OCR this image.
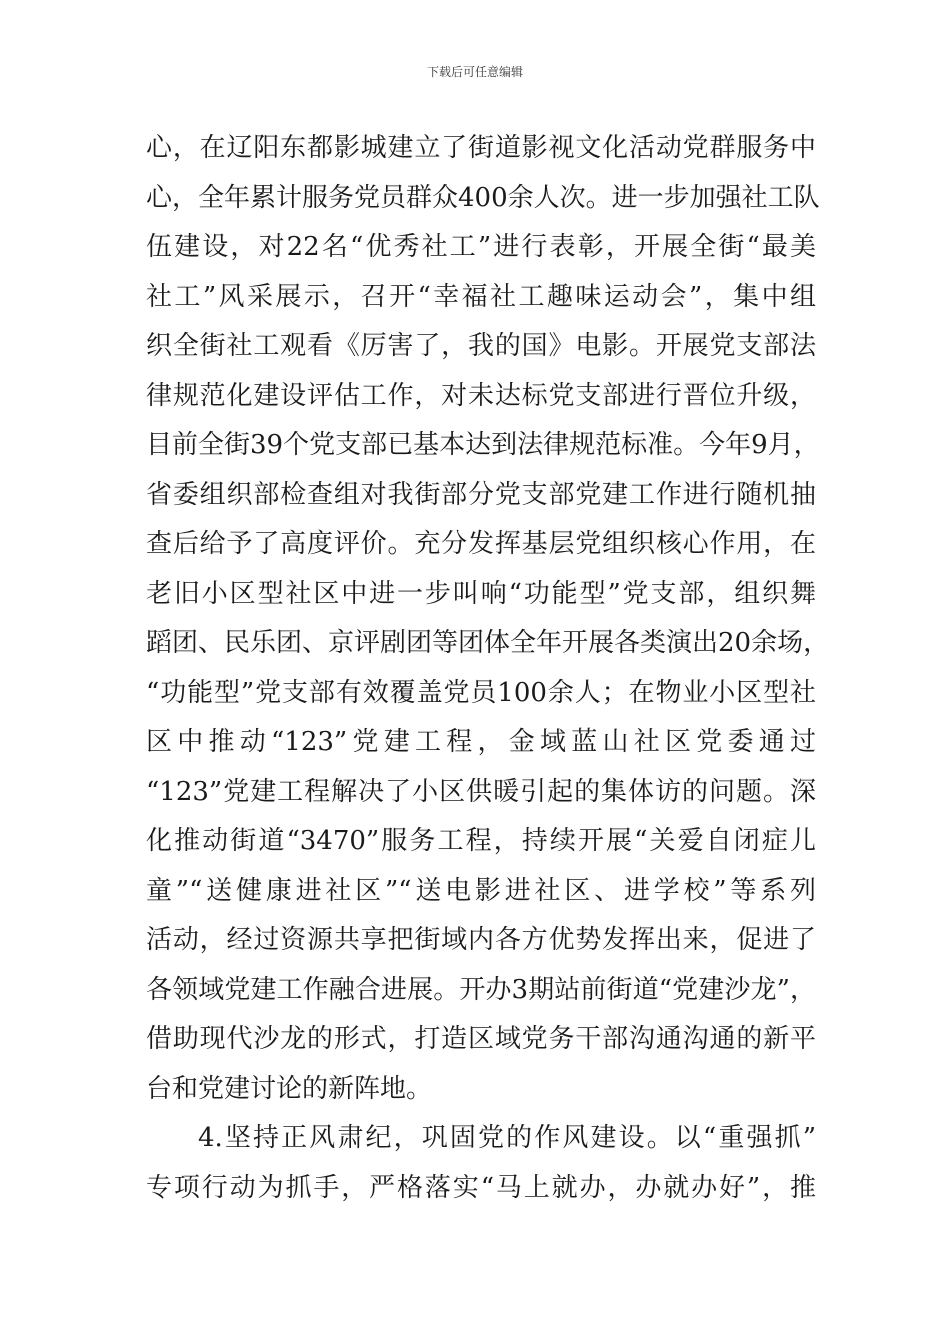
下载后可任意编辑
心，在辽阳东都影城建立了街道影视文化活动党群服务中
心，全年累计服务党员群众400余人次。进一步加强社工队
伍建设，对22名“优秀社工”进行表彰，开展全街“最美
社工”风采展示，召开“幸福社工趣味运动会”，集中组
织全街社工观看《厉害了，我的国》电影。开展党支部法
律规范化建设评估工作，对未达标党支部进行晋位升级，
目前全街39个党支部已基本达到法律规范标准。今年9月，
省委组织部检查组对我街部分党支部党建工作进行随机抽
查后给予了高度评价。充分发挥基层党组织核心作用，在
老旧小区型社区中进一步叫响“功能型”党支部，组织舞
蹈团、民乐团、京评剧团等团体全年开展各类演出20余场，
“功能型”党支部有效覆盖党员100余人；在物业小区型社
区中推动“123”党建工程，金域蓝山社区党委通过
“123”党建工程解决了小区供暖引起的集体访的问题。深
化推动街道“3470”服务工程，持续开展“关爱自闭症儿
童”“送健康进社区”“送电影进社区、进学校”等系列
活动，经过资源共享把街域内各方优势发挥出来，促进了
各领域党建工作融合进展。开办3期站前街道“党建沙龙”，
借助现代沙龙的形式，打造区域党务干部沟通沟通的新平
台和党建讨论的新阵地。
4.坚持正风肃纪，巩固党的作风建设。以“重强抓”
专项行动为抓手，严格落实“马上就办，办就办好”，推
